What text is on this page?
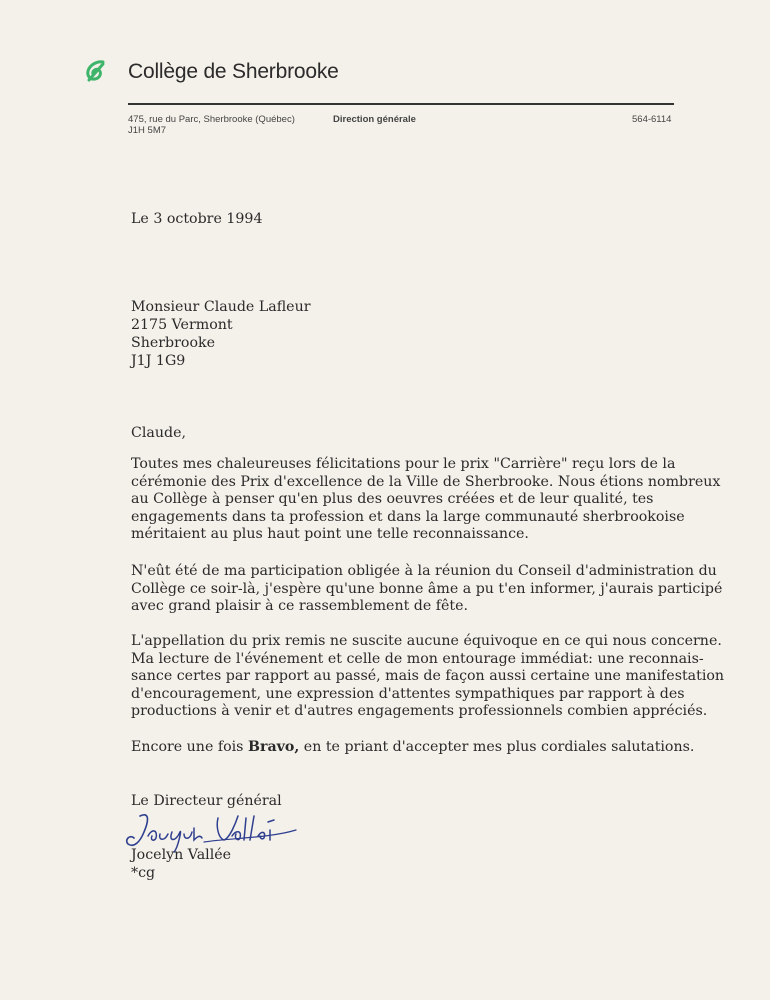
Collège de Sherbrooke
475, rue du Parc, Sherbrooke (Québec)
J1H 5M7
Direction générale	564-6114
Le 3 octobre 1994
Monsieur Claude Lafleur
2175 Vermont
Sherbrooke
J1J 1G9
Claude,
Toutes mes chaleureuses félicitations pour le prix "Carrière" reçu lors de la
cérémonie des Prix d'excellence de la Ville de Sherbrooke. Nous étions nombreux
au Collège à penser qu'en plus des oeuvres créées et de leur qualité, tes
engagements dans ta profession et dans la large communauté sherbrookoise
méritaient au plus haut point une telle reconnaissance.
N'eût été de ma participation obligée à la réunion du Conseil d'administration du
Collège ce soir-là, j'espère qu'une bonne âme a pu t'en informer, j'aurais participé
avec grand plaisir à ce rassemblement de fête.
L'appellation du prix remis ne suscite aucune équivoque en ce qui nous concerne.
Ma lecture de l'événement et celle de mon entourage immédiat: une reconnais-
sance certes par rapport au passé, mais de façon aussi certaine une manifestation
d'encouragement, une expression d'attentes sympathiques par rapport à des
productions à venir et d'autres engagements professionnels combien appréciés.
Encore une fois Bravo, en te priant d'accepter mes plus cordiales salutations.
Le Directeur général
Jocelyn Vallée
*cg
